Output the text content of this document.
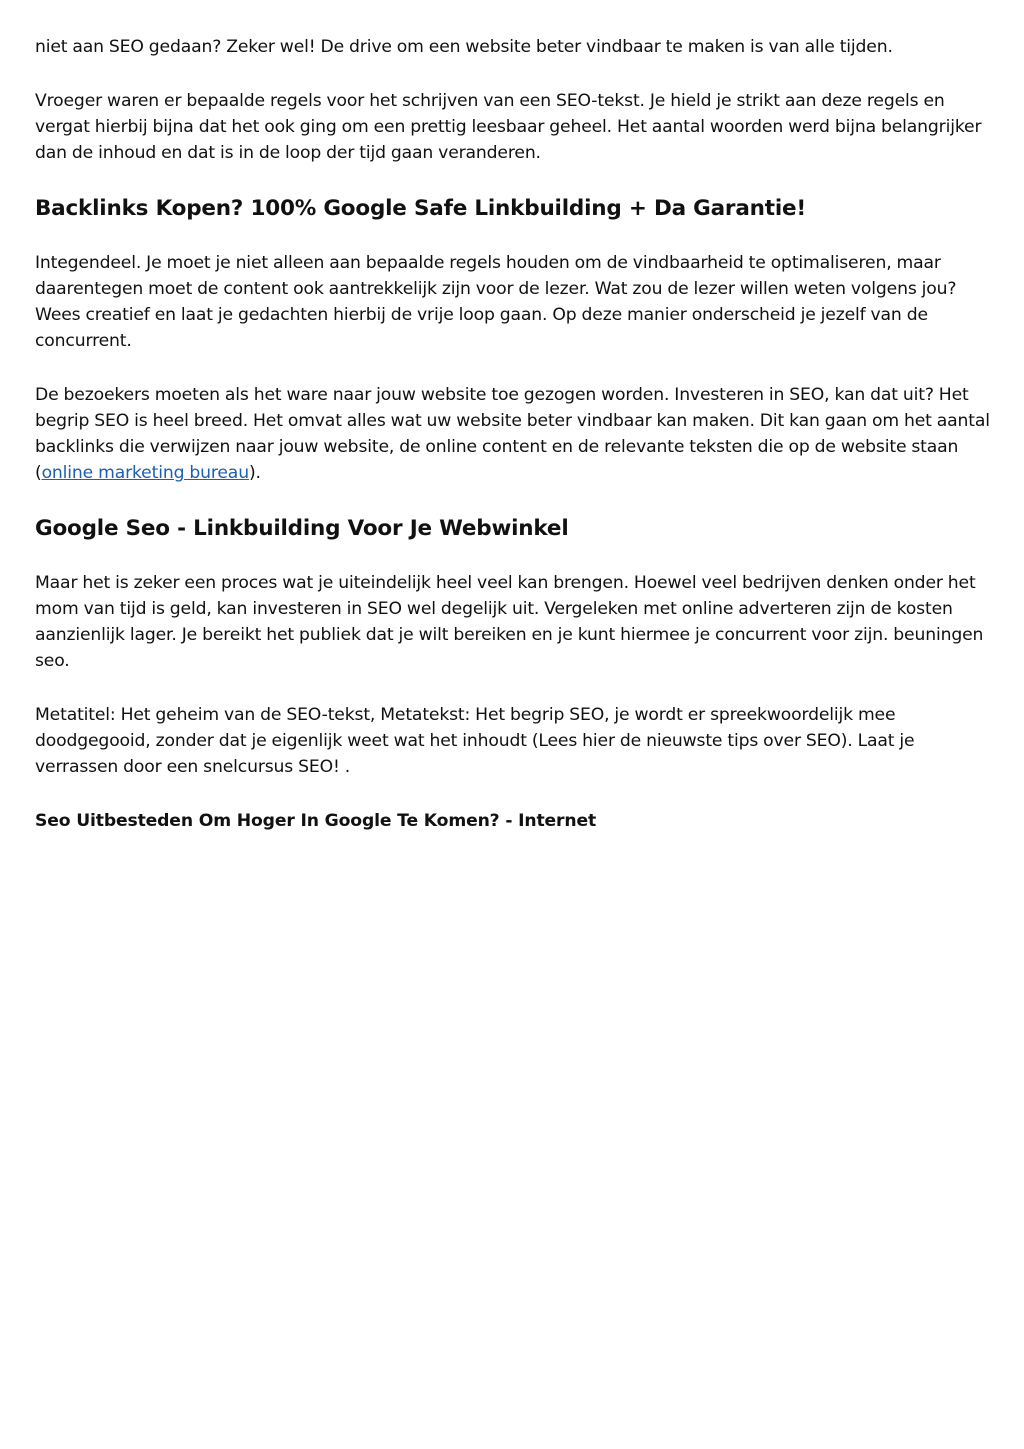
niet aan SEO gedaan? Zeker wel! De drive om een website beter vindbaar te maken is van alle tijden.

Vroeger waren er bepaalde regels voor het schrijven van een SEO-tekst. Je hield je strikt aan deze regels en vergat hierbij bijna dat het ook ging om een prettig leesbaar geheel. Het aantal woorden werd bijna belangrijker dan de inhoud en dat is in de loop der tijd gaan veranderen.

Backlinks Kopen? 100% Google Safe Linkbuilding + Da Garantie!

Integendeel. Je moet je niet alleen aan bepaalde regels houden om de vindbaarheid te optimaliseren, maar daarentegen moet de content ook aantrekkelijk zijn voor de lezer. Wat zou de lezer willen weten volgens jou? Wees creatief en laat je gedachten hierbij de vrije loop gaan. Op deze manier onderscheid je jezelf van de concurrent.

De bezoekers moeten als het ware naar jouw website toe gezogen worden. Investeren in SEO, kan dat uit? Het begrip SEO is heel breed. Het omvat alles wat uw website beter vindbaar kan maken. Dit kan gaan om het aantal backlinks die verwijzen naar jouw website, de online content en de relevante teksten die op de website staan (online marketing bureau).

Google Seo - Linkbuilding Voor Je Webwinkel

Maar het is zeker een proces wat je uiteindelijk heel veel kan brengen. Hoewel veel bedrijven denken onder het mom van tijd is geld, kan investeren in SEO wel degelijk uit. Vergeleken met online adverteren zijn de kosten aanzienlijk lager. Je bereikt het publiek dat je wilt bereiken en je kunt hiermee je concurrent voor zijn. beuningen seo.

Metatitel: Het geheim van de SEO-tekst, Metatekst: Het begrip SEO, je wordt er spreekwoordelijk mee doodgegooid, zonder dat je eigenlijk weet wat het inhoudt (Lees hier de nieuwste tips over SEO). Laat je verrassen door een snelcursus SEO! .

Seo Uitbesteden Om Hoger In Google Te Komen? - Internet
